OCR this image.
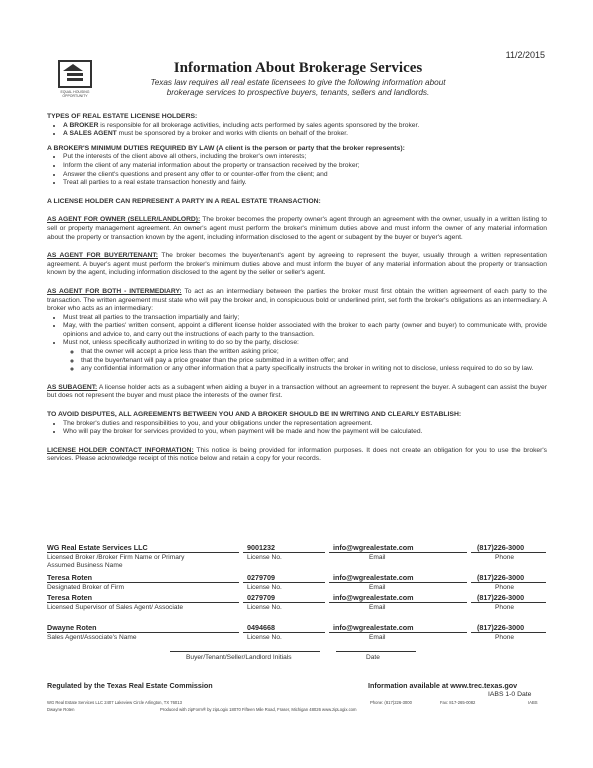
11/2/2015
EQUAL HOUSING OPPORTUNITY
Information About Brokerage Services
Texas law requires all real estate licensees to give the following information about
brokerage services to prospective buyers, tenants, sellers and landlords.

TYPES OF REAL ESTATE LICENSE HOLDERS:

• A BROKER is responsible for all brokerage activities, including acts performed by sales agents sponsored by the broker.
• A SALES AGENT must be sponsored by a broker and works with clients on behalf of the broker.

A BROKER'S MINIMUM DUTIES REQUIRED BY LAW (A client is the person or party that the broker represents):

• Put the interests of the client above all others, including the broker's own interests;
• Inform the client of any material information about the property or transaction received by the broker;
• Answer the client's questions and present any offer to or counter-offer from the client; and
• Treat all parties to a real estate transaction honestly and fairly.

A LICENSE HOLDER CAN REPRESENT A PARTY IN A REAL ESTATE TRANSACTION:

AS AGENT FOR OWNER (SELLER/LANDLORD): The broker becomes the property owner's agent through an agreement with the owner, usually in a written listing to sell or property management agreement. An owner's agent must perform the broker's minimum duties above and must inform the owner of any material information about the property or transaction known by the agent, including information disclosed to the agent or subagent by the buyer or buyer's agent.

AS AGENT FOR BUYER/TENANT: The broker becomes the buyer/tenant's agent by agreeing to represent the buyer, usually through a written representation agreement. A buyer's agent must perform the broker's minimum duties above and must inform the buyer of any material information about the property or transaction known by the agent, including information disclosed to the agent by the seller or seller's agent.

AS AGENT FOR BOTH - INTERMEDIARY: To act as an intermediary between the parties the broker must first obtain the written agreement of each party to the transaction. The written agreement must state who will pay the broker and, in conspicuous bold or underlined print, set forth the broker's obligations as an intermediary. A broker who acts as an intermediary:

• Must treat all parties to the transaction impartially and fairly;
• May, with the parties' written consent, appoint a different license holder associated with the broker to each party (owner and buyer) to communicate with, provide opinions and advice to, and carry out the instructions of each party to the transaction.
• Must not, unless specifically authorized in writing to do so by the party, disclose:
◦ that the owner will accept a price less than the written asking price;
◦ that the buyer/tenant will pay a price greater than the price submitted in a written offer; and
◦ any confidential information or any other information that a party specifically instructs the broker in writing not to disclose, unless required to do so by law.

AS SUBAGENT: A license holder acts as a subagent when aiding a buyer in a transaction without an agreement to represent the buyer. A subagent can assist the buyer but does not represent the buyer and must place the interests of the owner first.

TO AVOID DISPUTES, ALL AGREEMENTS BETWEEN YOU AND A BROKER SHOULD BE IN WRITING AND CLEARLY ESTABLISH:

• The broker's duties and responsibilities to you, and your obligations under the representation agreement.
• Who will pay the broker for services provided to you, when payment will be made and how the payment will be calculated.

LICENSE HOLDER CONTACT INFORMATION: This notice is being provided for information purposes. It does not create an obligation for you to use the broker's services. Please acknowledge receipt of this notice below and retain a copy for your records.

WG Real Estate Services LLC	9001232	info@wgrealestate.com	(817)226-3000
Licensed Broker /Broker Firm Name or Primary Assumed Business Name
License No.	Email	Phone
Teresa Roten	0279709	info@wgrealestate.com	(817)226-3000
Designated Broker of Firm	License No.	Email	Phone
Teresa Roten	0279709	info@wgrealestate.com	(817)226-3000
Licensed Supervisor of Sales Agent/ Associate	License No.	Email	Phone
Dwayne Roten	0494668	info@wgrealestate.com	(817)226-3000
Sales Agent/Associate's Name	License No.	Email	Phone
Buyer/Tenant/Seller/Landlord Initials	Date
Regulated by the Texas Real Estate Commission	Information available at www.trec.texas.gov
IABS 1-0 Date
WG Real Estate Services LLC 2407 Lakeview Circle Arlington, TX 76013	Phone: (817)226-3000	Fax: 817-265-0082	IABS
Dwayne Roten	Produced with zipForm® by zipLogix 18070 Fifteen Mile Road, Fraser, Michigan 48026 www.zipLogix.com
